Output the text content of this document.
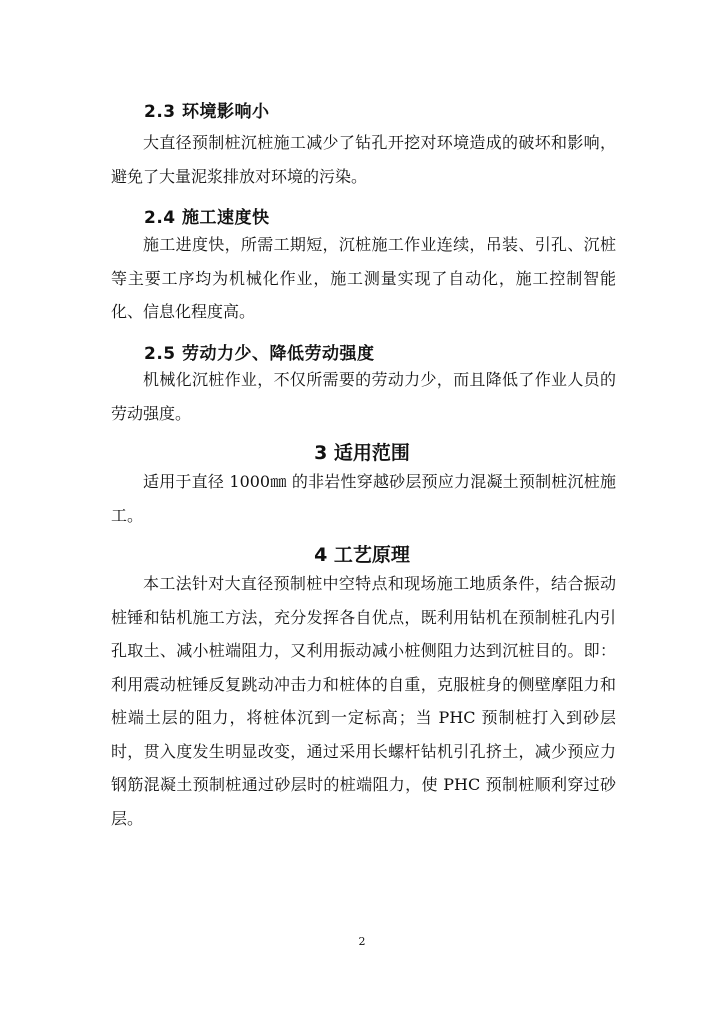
2.3 环境影响小

大直径预制桩沉桩施工减少了钻孔开挖对环境造成的破坏和影响，避免了大量泥浆排放对环境的污染。

2.4 施工速度快

施工进度快，所需工期短，沉桩施工作业连续，吊装、引孔、沉桩等主要工序均为机械化作业，施工测量实现了自动化，施工控制智能化、信息化程度高。

2.5 劳动力少、降低劳动强度

机械化沉桩作业，不仅所需要的劳动力少，而且降低了作业人员的劳动强度。

3 适用范围

适用于直径 1000㎜ 的非岩性穿越砂层预应力混凝土预制桩沉桩施工。

4 工艺原理

本工法针对大直径预制桩中空特点和现场施工地质条件，结合振动桩锤和钻机施工方法，充分发挥各自优点，既利用钻机在预制桩孔内引孔取土、减小桩端阻力，又利用振动减小桩侧阻力达到沉桩目的。即：利用震动桩锤反复跳动冲击力和桩体的自重，克服桩身的侧壁摩阻力和桩端土层的阻力，将桩体沉到一定标高；当 PHC 预制桩打入到砂层时，贯入度发生明显改变，通过采用长螺杆钻机引孔挤土，减少预应力钢筋混凝土预制桩通过砂层时的桩端阻力，使 PHC 预制桩顺利穿过砂层。

2
